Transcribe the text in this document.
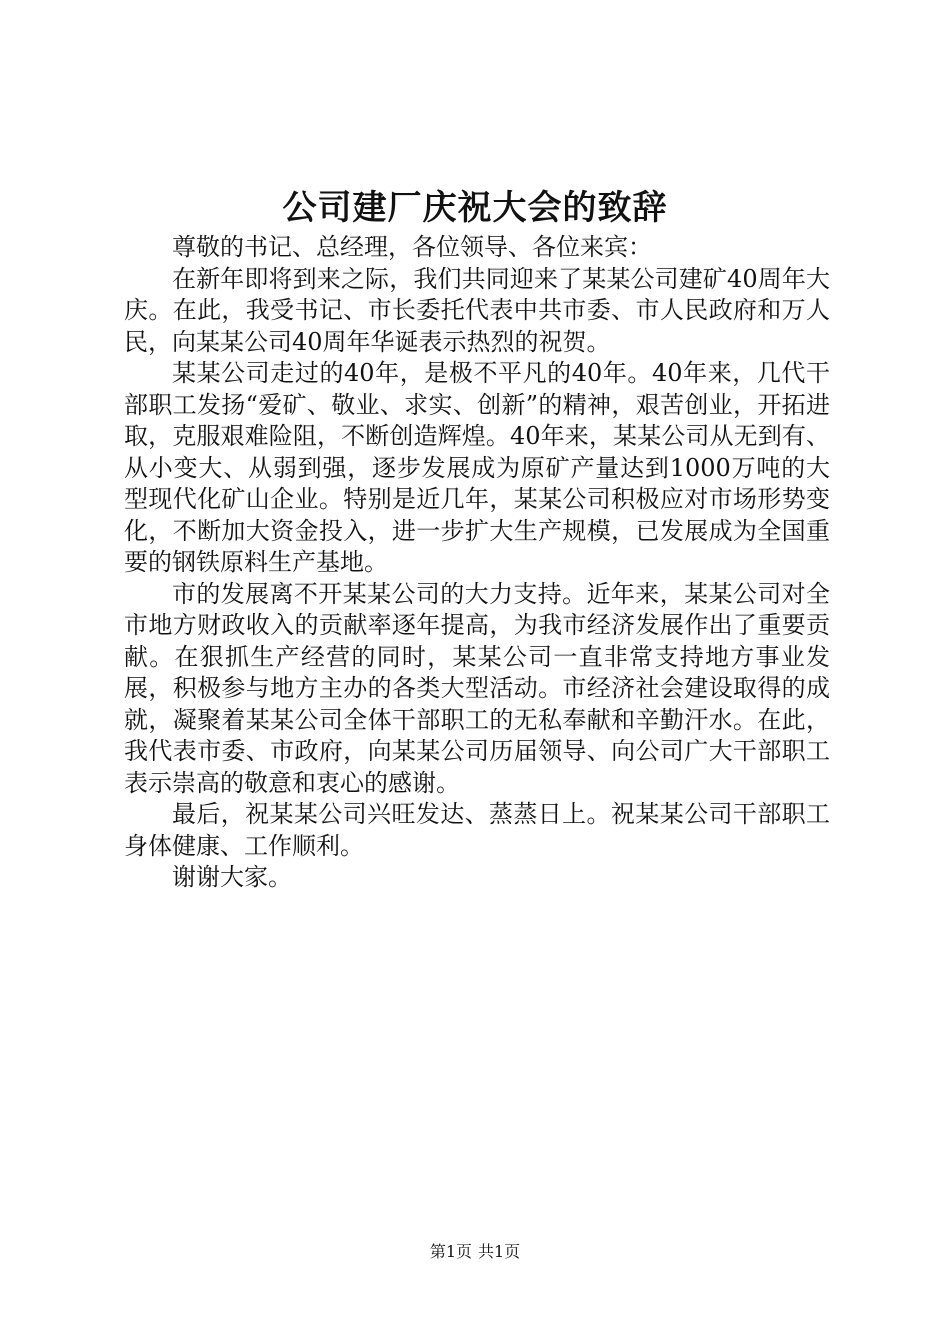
公司建厂庆祝大会的致辞

尊敬的书记、总经理，各位领导、各位来宾：

在新年即将到来之际，我们共同迎来了某某公司建矿40周年大庆。在此，我受书记、市长委托代表中共市委、市人民政府和万人民，向某某公司40周年华诞表示热烈的祝贺。

某某公司走过的40年，是极不平凡的40年。40年来，几代干部职工发扬“爱矿、敬业、求实、创新”的精神，艰苦创业，开拓进取，克服艰难险阻，不断创造辉煌。40年来，某某公司从无到有、从小变大、从弱到强，逐步发展成为原矿产量达到1000万吨的大型现代化矿山企业。特别是近几年，某某公司积极应对市场形势变化，不断加大资金投入，进一步扩大生产规模，已发展成为全国重要的钢铁原料生产基地。

市的发展离不开某某公司的大力支持。近年来，某某公司对全市地方财政收入的贡献率逐年提高，为我市经济发展作出了重要贡献。在狠抓生产经营的同时，某某公司一直非常支持地方事业发展，积极参与地方主办的各类大型活动。市经济社会建设取得的成就，凝聚着某某公司全体干部职工的无私奉献和辛勤汗水。在此，我代表市委、市政府，向某某公司历届领导、向公司广大干部职工表示崇高的敬意和衷心的感谢。

最后，祝某某公司兴旺发达、蒸蒸日上。祝某某公司干部职工身体健康、工作顺利。

谢谢大家。

第1页 共1页
